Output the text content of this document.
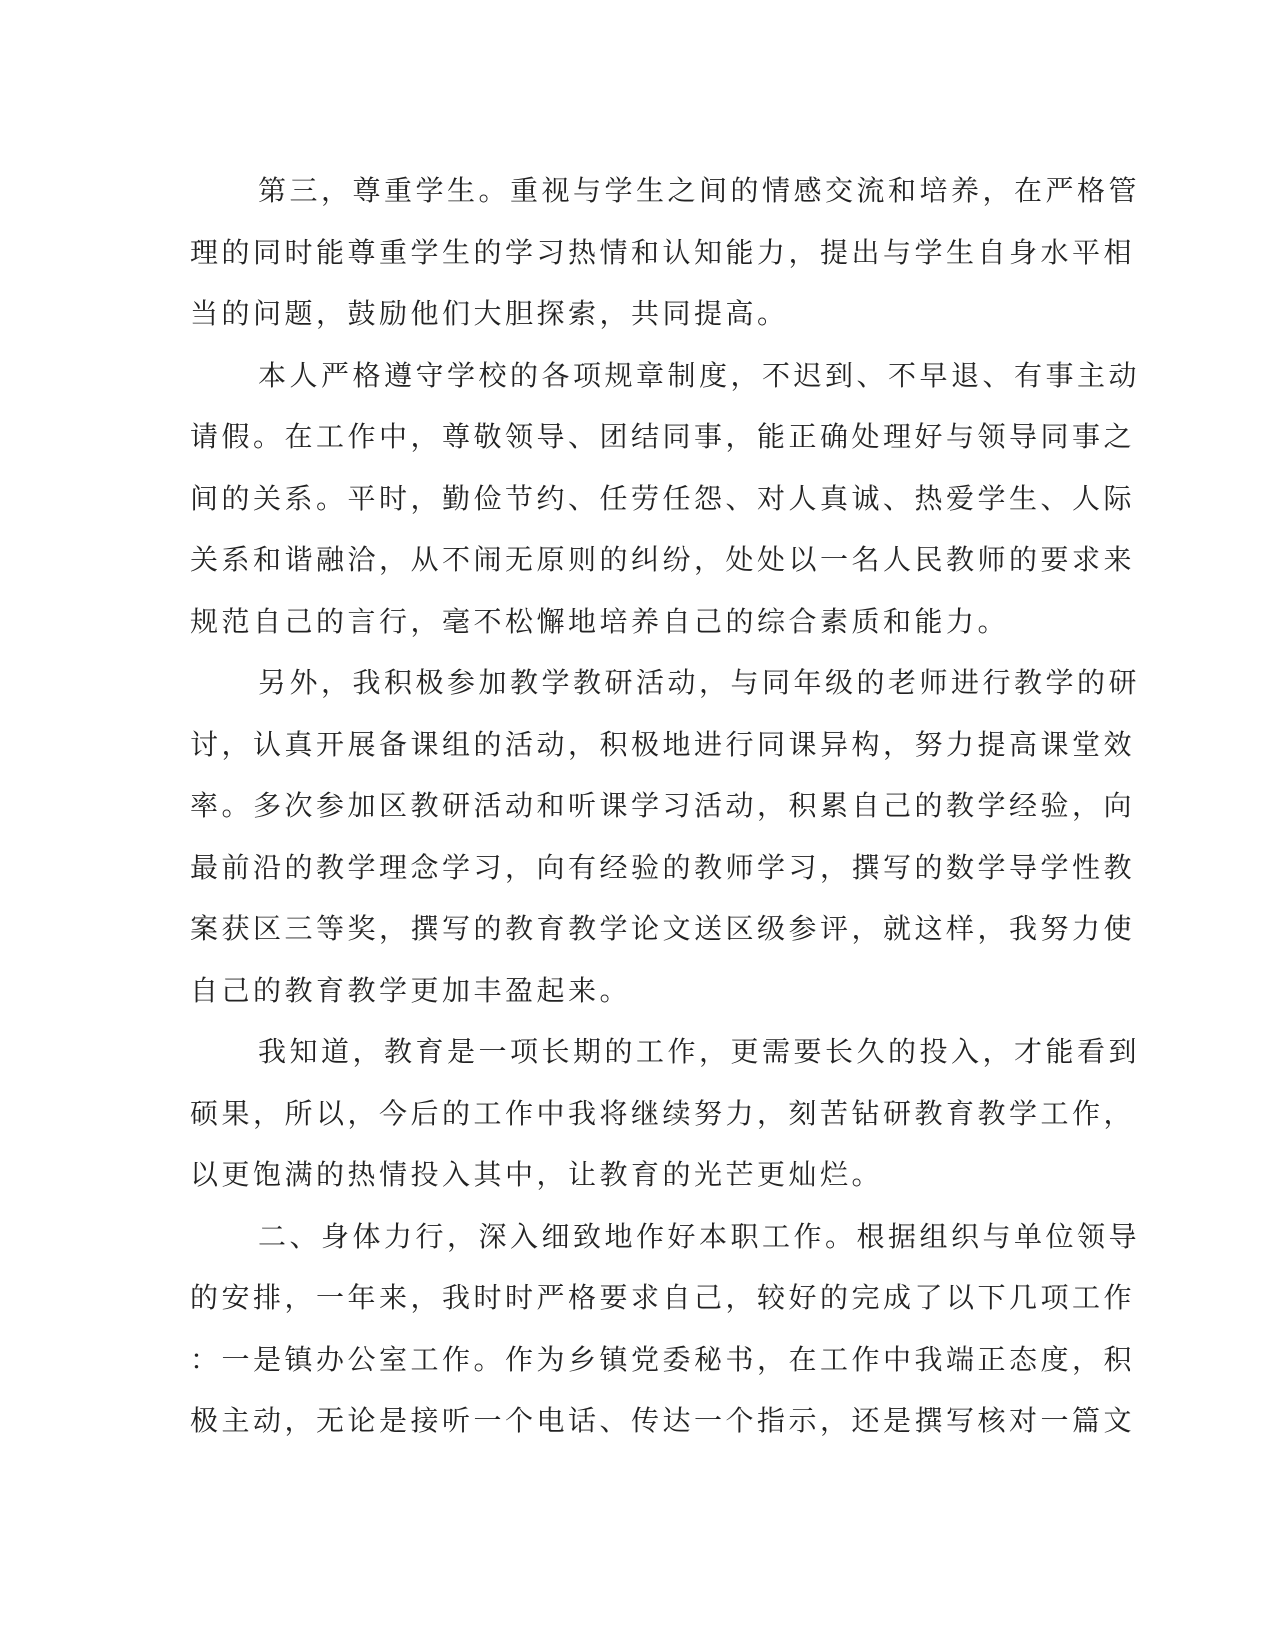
第三，尊重学生。重视与学生之间的情感交流和培养，在严格管
理的同时能尊重学生的学习热情和认知能力，提出与学生自身水平相
当的问题，鼓励他们大胆探索，共同提高。
本人严格遵守学校的各项规章制度，不迟到、不早退、有事主动
请假。在工作中，尊敬领导、团结同事，能正确处理好与领导同事之
间的关系。平时，勤俭节约、任劳任怨、对人真诚、热爱学生、人际
关系和谐融洽，从不闹无原则的纠纷，处处以一名人民教师的要求来
规范自己的言行，毫不松懈地培养自己的综合素质和能力。
另外，我积极参加教学教研活动，与同年级的老师进行教学的研
讨，认真开展备课组的活动，积极地进行同课异构，努力提高课堂效
率。多次参加区教研活动和听课学习活动，积累自己的教学经验，向
最前沿的教学理念学习，向有经验的教师学习，撰写的数学导学性教
案获区三等奖，撰写的教育教学论文送区级参评，就这样，我努力使
自己的教育教学更加丰盈起来。
我知道，教育是一项长期的工作，更需要长久的投入，才能看到
硕果，所以，今后的工作中我将继续努力，刻苦钻研教育教学工作，
以更饱满的热情投入其中，让教育的光芒更灿烂。
二、身体力行，深入细致地作好本职工作。根据组织与单位领导
的安排，一年来，我时时严格要求自己，较好的完成了以下几项工作
：一是镇办公室工作。作为乡镇党委秘书，在工作中我端正态度，积
极主动，无论是接听一个电话、传达一个指示，还是撰写核对一篇文
